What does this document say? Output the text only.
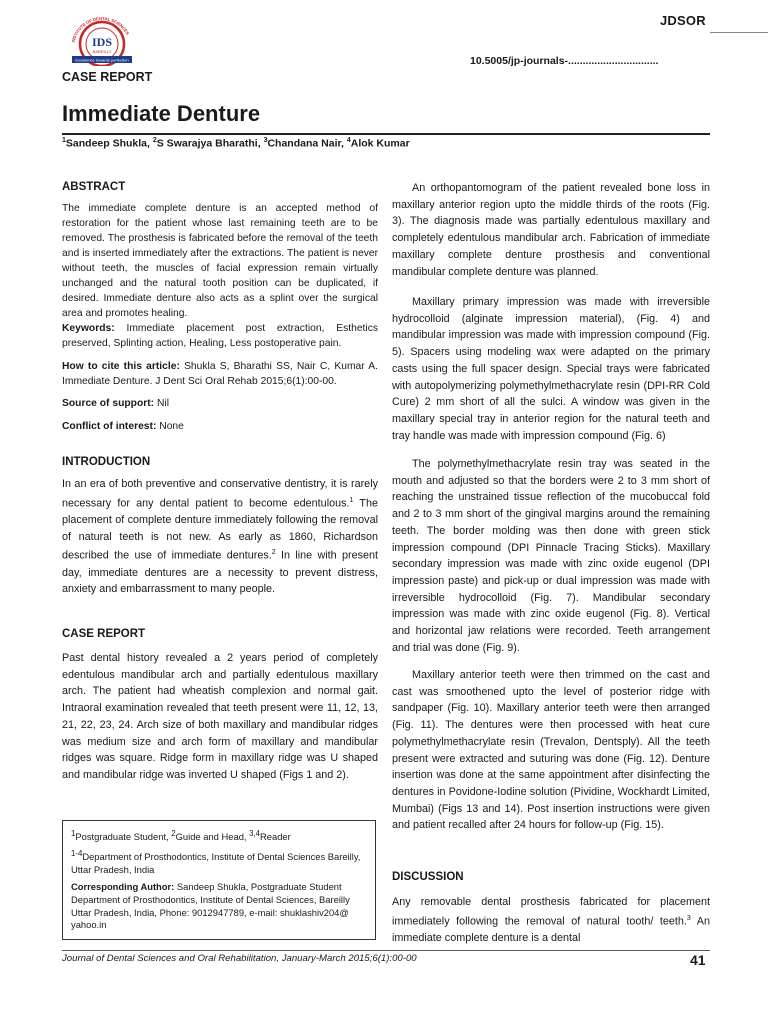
INSTITUTE OF DENTAL SCIENCES
IDS
BAREILLY
Excellence towards perfection
JDSOR
10.5005/jp-journals-...............................
CASE REPORT
Immediate Denture
$^1$Sandeep Shukla, $^2$S Swarajya Bharathi, $^3$Chandana Nair, $^4$Alok Kumar
ABSTRACT

The immediate complete denture is an accepted method of restoration for the patient whose last remaining teeth are to be removed. The prosthesis is fabricated before the removal of the teeth and is inserted immediately after the extractions. The patient is never without teeth, the muscles of facial expression remain virtually unchanged and the natural tooth position can be duplicated, if desired. Immediate denture also acts as a splint over the surgical area and promotes healing.

Keywords: Immediate placement post extraction, Esthetics preserved, Splinting action, Healing, Less postoperative pain.

How to cite this article: Shukla S, Bharathi SS, Nair C, Kumar A. Immediate Denture. J Dent Sci Oral Rehab 2015;6(1):00-00.

Source of support: Nil

Conflict of interest: None

INTRODUCTION

In an era of both preventive and conservative dentistry, it is rarely necessary for any dental patient to become edentulous.$^1$ The placement of complete denture immediately following the removal of natural teeth is not new. As early as 1860, Richardson described the use of immediate dentures.$^2$ In line with present day, immediate dentures are a necessity to prevent distress, anxiety and embarrassment to many people.

CASE REPORT

Past dental history revealed a 2 years period of completely edentulous mandibular arch and partially edentulous maxillary arch. The patient had wheatish complexion and normal gait. Intraoral examination revealed that teeth present were 11, 12, 13, 21, 22, 23, 24. Arch size of both maxillary and mandibular ridges was medium size and arch form of maxillary and mandibular ridges was square. Ridge form in maxillary ridge was U shaped and mandibular ridge was inverted U shaped (Figs 1 and 2).

$^1$Postgraduate Student, $^2$Guide and Head, $^{3,4}$Reader

$^{1-4}$Department of Prosthodontics, Institute of Dental Sciences Bareilly, Uttar Pradesh, India

Corresponding Author: Sandeep Shukla, Postgraduate Student Department of Prosthodontics, Institute of Dental Sciences, Bareilly Uttar Pradesh, India, Phone: 9012947789, e-mail: shuklashiv204@ yahoo.in

An orthopantomogram of the patient revealed bone loss in maxillary anterior region upto the middle thirds of the roots (Fig. 3). The diagnosis made was partially edentulous maxillary and completely edentulous mandibular arch. Fabrication of immediate maxillary complete denture prosthesis and conventional mandibular complete denture was planned.

Maxillary primary impression was made with irreversible hydrocolloid (alginate impression material), (Fig. 4) and mandibular impression was made with impression compound (Fig. 5). Spacers using modeling wax were adapted on the primary casts using the full spacer design. Special trays were fabricated with autopolymerizing polymethylmethacrylate resin (DPI-RR Cold Cure) 2 mm short of all the sulci. A window was given in the maxillary special tray in anterior region for the natural teeth and tray handle was made with impression compound (Fig. 6)

The polymethylmethacrylate resin tray was seated in the mouth and adjusted so that the borders were 2 to 3 mm short of reaching the unstrained tissue reflection of the mucobuccal fold and 2 to 3 mm short of the gingival margins around the remaining teeth. The border molding was then done with green stick impression compound (DPI Pinnacle Tracing Sticks). Maxillary secondary impression was made with zinc oxide eugenol (DPI impression paste) and pick-up or dual impression was made with irreversible hydrocolloid (Fig. 7). Mandibular secondary impression was made with zinc oxide eugenol (Fig. 8). Vertical and horizontal jaw relations were recorded. Teeth arrangement and trial was done (Fig. 9).

Maxillary anterior teeth were then trimmed on the cast and cast was smoothened upto the level of posterior ridge with sandpaper (Fig. 10). Maxillary anterior teeth were then arranged (Fig. 11). The dentures were then processed with heat cure polymethylmethacrylate resin (Trevalon, Dentsply). All the teeth present were extracted and suturing was done (Fig. 12). Denture insertion was done at the same appointment after disinfecting the dentures in Povidone-Iodine solution (Pividine, Wockhardt Limited, Mumbai) (Figs 13 and 14). Post insertion instructions were given and patient recalled after 24 hours for follow-up (Fig. 15).

DISCUSSION

Any removable dental prosthesis fabricated for placement immediately following the removal of natural tooth/ teeth.$^3$ An immediate complete denture is a dental

Journal of Dental Sciences and Oral Rehabilitation, January-March 2015;6(1):00-00	41
